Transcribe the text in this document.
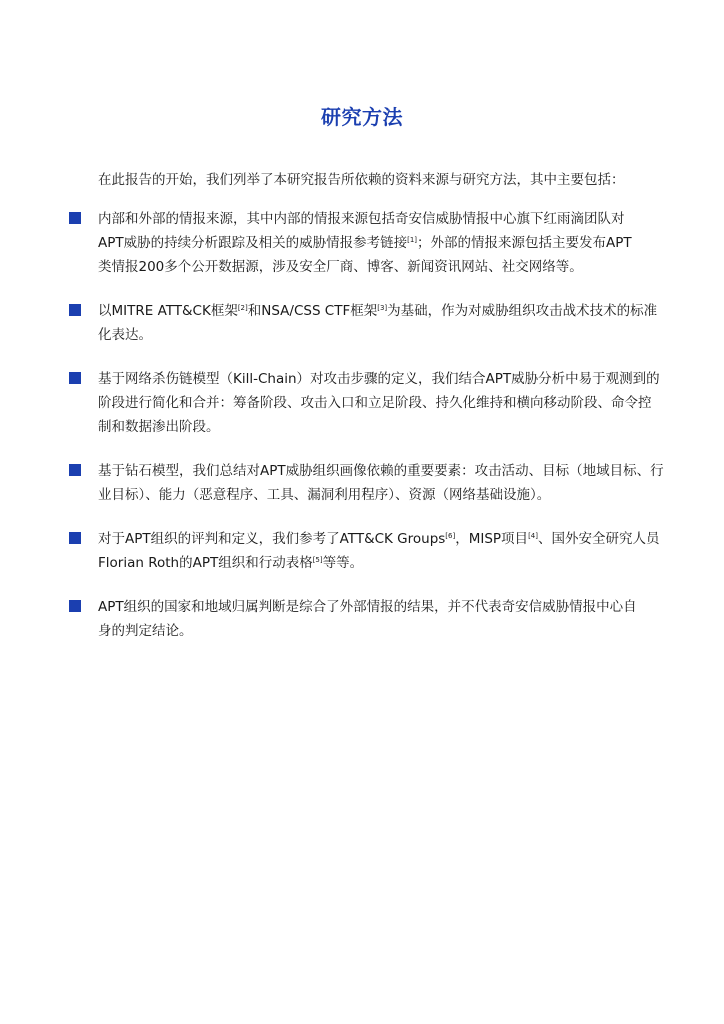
研究方法
在此报告的开始，我们列举了本研究报告所依赖的资料来源与研究方法，其中主要包括：
内部和外部的情报来源，其中内部的情报来源包括奇安信威胁情报中心旗下红雨滴团队对
APT威胁的持续分析跟踪及相关的威胁情报参考链接[1]；外部的情报来源包括主要发布APT
类情报200多个公开数据源，涉及安全厂商、博客、新闻资讯网站、社交网络等。
以MITRE ATT&CK框架[2]和NSA/CSS CTF框架[3]为基础，作为对威胁组织攻击战术技术的标准
化表达。
基于网络杀伤链模型（Kill-Chain）对攻击步骤的定义，我们结合APT威胁分析中易于观测到的
阶段进行简化和合并：筹备阶段、攻击入口和立足阶段、持久化维持和横向移动阶段、命令控
制和数据渗出阶段。
基于钻石模型，我们总结对APT威胁组织画像依赖的重要要素：攻击活动、目标（地域目标、行
业目标）、能力（恶意程序、工具、漏洞利用程序）、资源（网络基础设施）。
对于APT组织的评判和定义，我们参考了ATT&CK Groups[6]，MISP项目[4]、国外安全研究人员
Florian Roth的APT组织和行动表格[5]等等。
APT组织的国家和地域归属判断是综合了外部情报的结果，并不代表奇安信威胁情报中心自
身的判定结论。
